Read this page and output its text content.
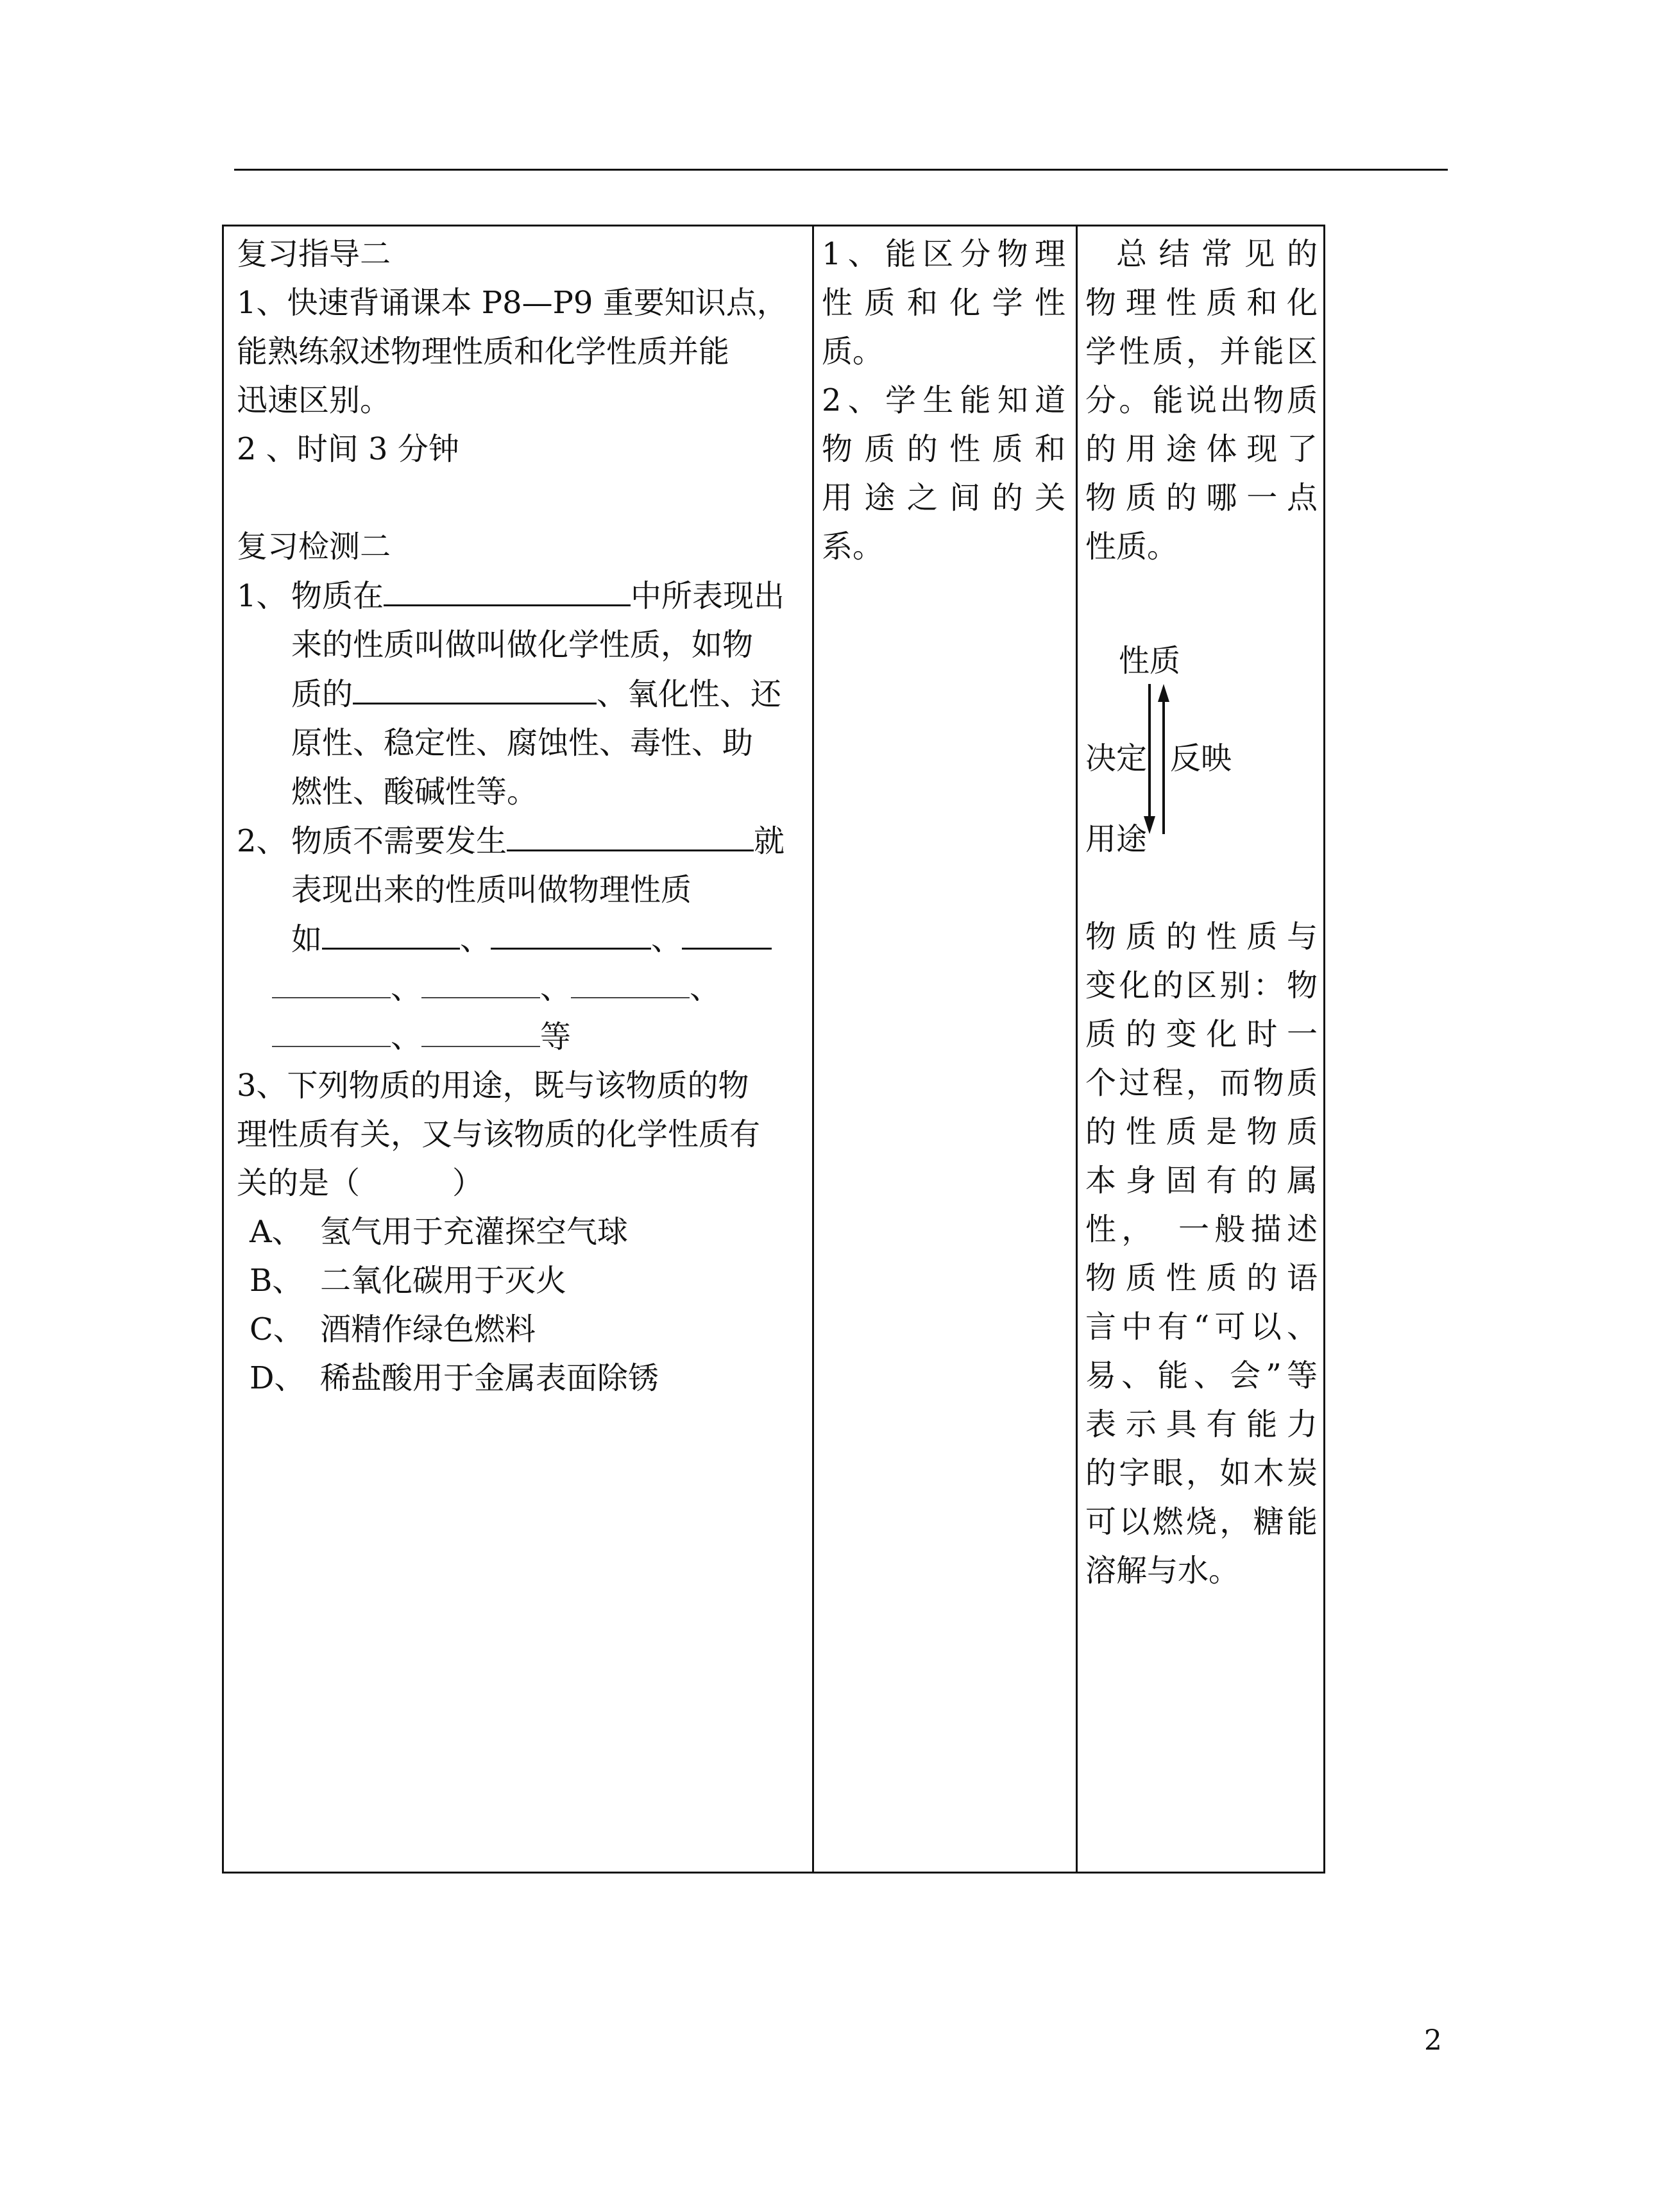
复习指导二
1、快速背诵课本 P8—P9 重要知识点，
能熟练叙述物理性质和化学性质并能
迅速区别。
2 、时间 3 分钟
复习检测二
1、 物质在	中所表现出
来的性质叫做叫做化学性质，如物
质的	、氧化性、还
原性、稳定性、腐蚀性、毒性、助
燃性、酸碱性等。
2、 物质不需要发生	就
表现出来的性质叫做物理性质
如	、	、
、	、	、
、	等
3、下列物质的用途，既与该物质的物
理性质有关，又与该物质的化学性质有
关的是（　　　）
A、 氢气用于充灌探空气球
B、 二氧化碳用于灭火
C、 酒精作绿色燃料
D、 稀盐酸用于金属表面除锈
1、能区分物理
性质和化学性
质。
2、学生能知道
物质的性质和
用途之间的关
系。
总结常见的
物理性质和化
学性质，并能区
分。能说出物质
的用途体现了
物质的哪一点
性质。
性质
决定 反映
用途
物质的性质与
变化的区别：物
质的变化时一
个过程，而物质
的性质是物质
本身固有的属
性，　一般描述
物质性质的语
言中有“可以、
易、能、会”等
表示具有能力
的字眼，如木炭
可以燃烧，糖能
溶解与水。
2
